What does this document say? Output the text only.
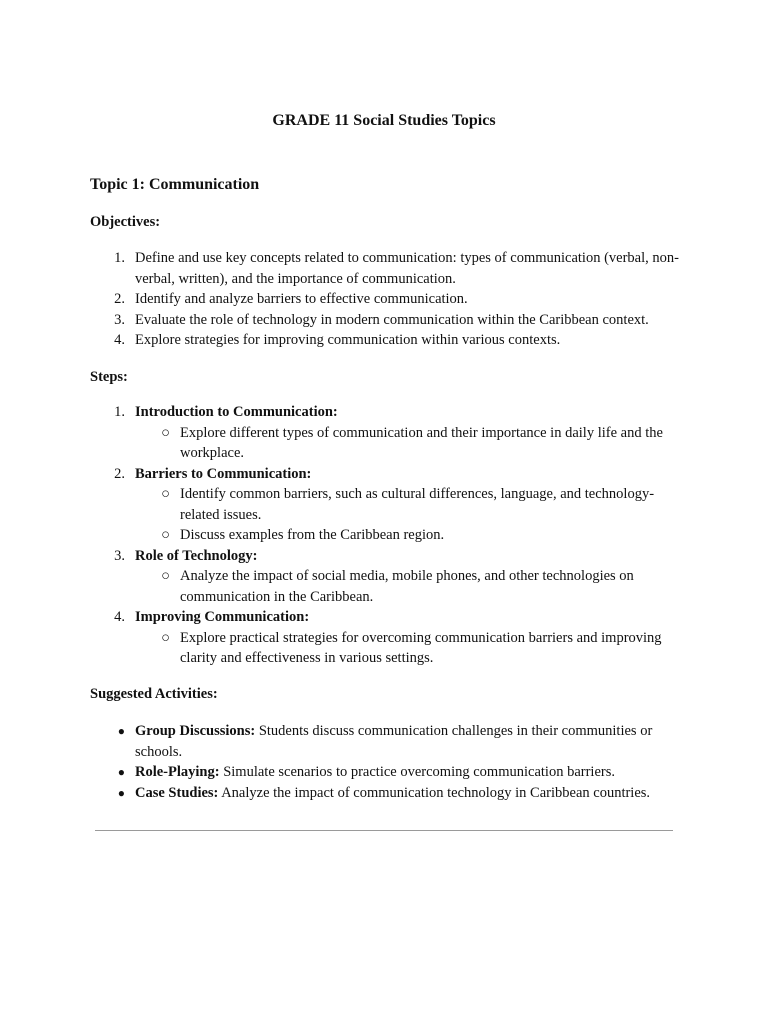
GRADE 11 Social Studies Topics
Topic 1: Communication
Objectives:
1. Define and use key concepts related to communication: types of communication (verbal, non-verbal, written), and the importance of communication.
2. Identify and analyze barriers to effective communication.
3. Evaluate the role of technology in modern communication within the Caribbean context.
4. Explore strategies for improving communication within various contexts.
Steps:
1. Introduction to Communication:
○ Explore different types of communication and their importance in daily life and the workplace.
2. Barriers to Communication:
○ Identify common barriers, such as cultural differences, language, and technology-related issues.
○ Discuss examples from the Caribbean region.
3. Role of Technology:
○ Analyze the impact of social media, mobile phones, and other technologies on communication in the Caribbean.
4. Improving Communication:
○ Explore practical strategies for overcoming communication barriers and improving clarity and effectiveness in various settings.
Suggested Activities:
● Group Discussions: Students discuss communication challenges in their communities or schools.
● Role-Playing: Simulate scenarios to practice overcoming communication barriers.
● Case Studies: Analyze the impact of communication technology in Caribbean countries.
